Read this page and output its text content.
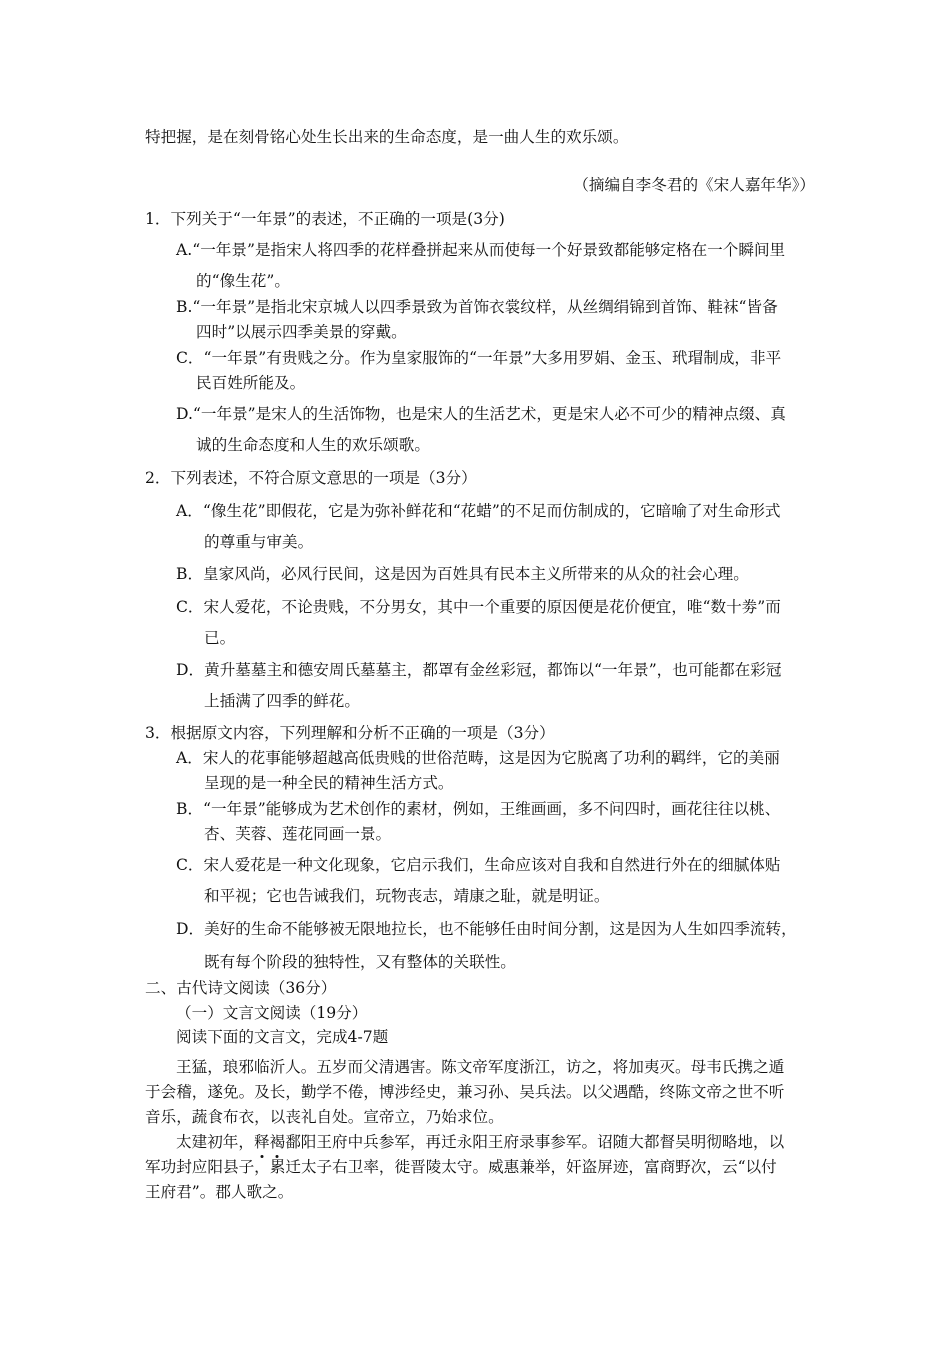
特把握，是在刻骨铭心处生长出来的生命态度，是一曲人生的欢乐颂。
（摘编自李冬君的《宋人嘉年华》）
1．下列关于“一年景”的表述，不正确的一项是(3分)
A.“一年景”是指宋人将四季的花样叠拼起来从而使每一个好景致都能够定格在一个瞬间里
的“像生花”。
B.“一年景”是指北宋京城人以四季景致为首饰衣裳纹样，从丝绸绢锦到首饰、鞋袜“皆备
四时”以展示四季美景的穿戴。
C．“一年景”有贵贱之分。作为皇家服饰的“一年景”大多用罗娟、金玉、玳瑁制成，非平
民百姓所能及。
D.“一年景”是宋人的生活饰物，也是宋人的生活艺术，更是宋人必不可少的精神点缀、真
诚的生命态度和人生的欢乐颂歌。
2．下列表述，不符合原文意思的一项是（3分）
A．“像生花”即假花，它是为弥补鲜花和“花蜡”的不足而仿制成的，它暗喻了对生命形式
的尊重与审美。
B．皇家风尚，必风行民间，这是因为百姓具有民本主义所带来的从众的社会心理。
C．宋人爱花，不论贵贱，不分男女，其中一个重要的原因便是花价便宜，唯“数十劵”而
已。
D．黄升墓墓主和德安周氏墓墓主，都罩有金丝彩冠，都饰以“一年景”，也可能都在彩冠
上插满了四季的鲜花。
3．根据原文内容，下列理解和分析不正确的一项是（3分）
A．宋人的花事能够超越高低贵贱的世俗范畴，这是因为它脱离了功利的羁绊，它的美丽
呈现的是一种全民的精神生活方式。
B．“一年景”能够成为艺术创作的素材，例如，王维画画，多不问四时，画花往往以桃、
杏、芙蓉、莲花同画一景。
C．宋人爱花是一种文化现象，它启示我们，生命应该对自我和自然进行外在的细腻体贴
和平视；它也告诫我们，玩物丧志，靖康之耻，就是明证。
D．美好的生命不能够被无限地拉长，也不能够任由时间分割，这是因为人生如四季流转，
既有每个阶段的独特性，又有整体的关联性。
二、古代诗文阅读（36分）
（一）文言文阅读（19分）
阅读下面的文言文，完成4-7题
王猛，琅邪临沂人。五岁而父清遇害。陈文帝军度浙江，访之，将加夷灭。母韦氏携之遁
于会稽，遂免。及长，勤学不倦，博涉经史，兼习孙、吴兵法。以父遇酷，终陈文帝之世不听
音乐，蔬食布衣，以丧礼自处。宣帝立，乃始求位。
太建初年，释褐鄱阳王府中兵参军，再迁永阳王府录事参军。诏随大都督吴明彻略地，以
军功封应阳县子，累迁太子右卫率，徙晋陵太守。威惠兼举，奸盗屏迹，富商野次，云“以付
王府君”。郡人歌之。
